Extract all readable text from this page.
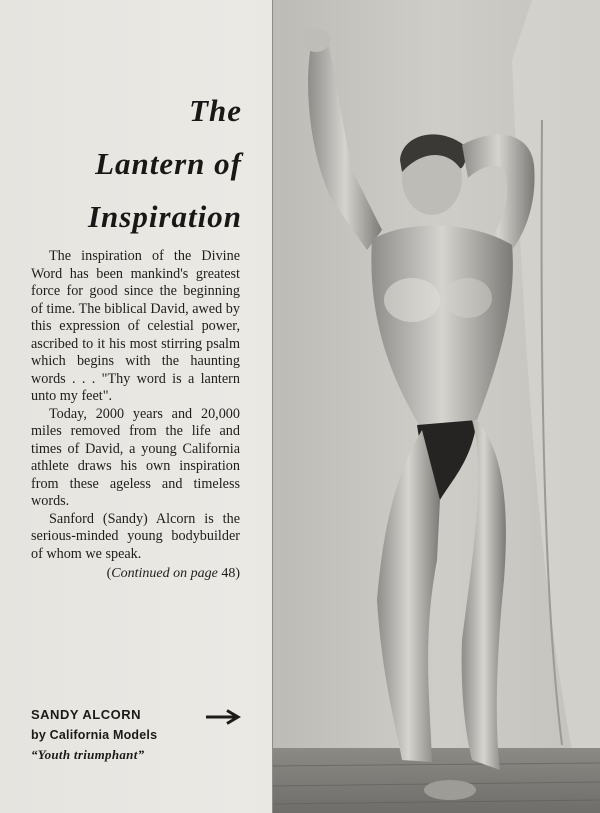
The
Lantern of
Inspiration

The inspiration of the Divine Word has been mankind's greatest force for good since the beginning of time. The biblical David, awed by this expression of celestial power, ascribed to it his most stirring psalm which begins with the haunting words . . . "Thy word is a lantern unto my feet".

Today, 2000 years and 20,000 miles removed from the life and times of David, a young California athlete draws his own inspiration from these ageless and timeless words.

Sanford (Sandy) Alcorn is the serious-minded young bodybuilder of whom we speak.

(Continued on page 48)

SANDY ALCORN
by California Models
“Youth triumphant”
